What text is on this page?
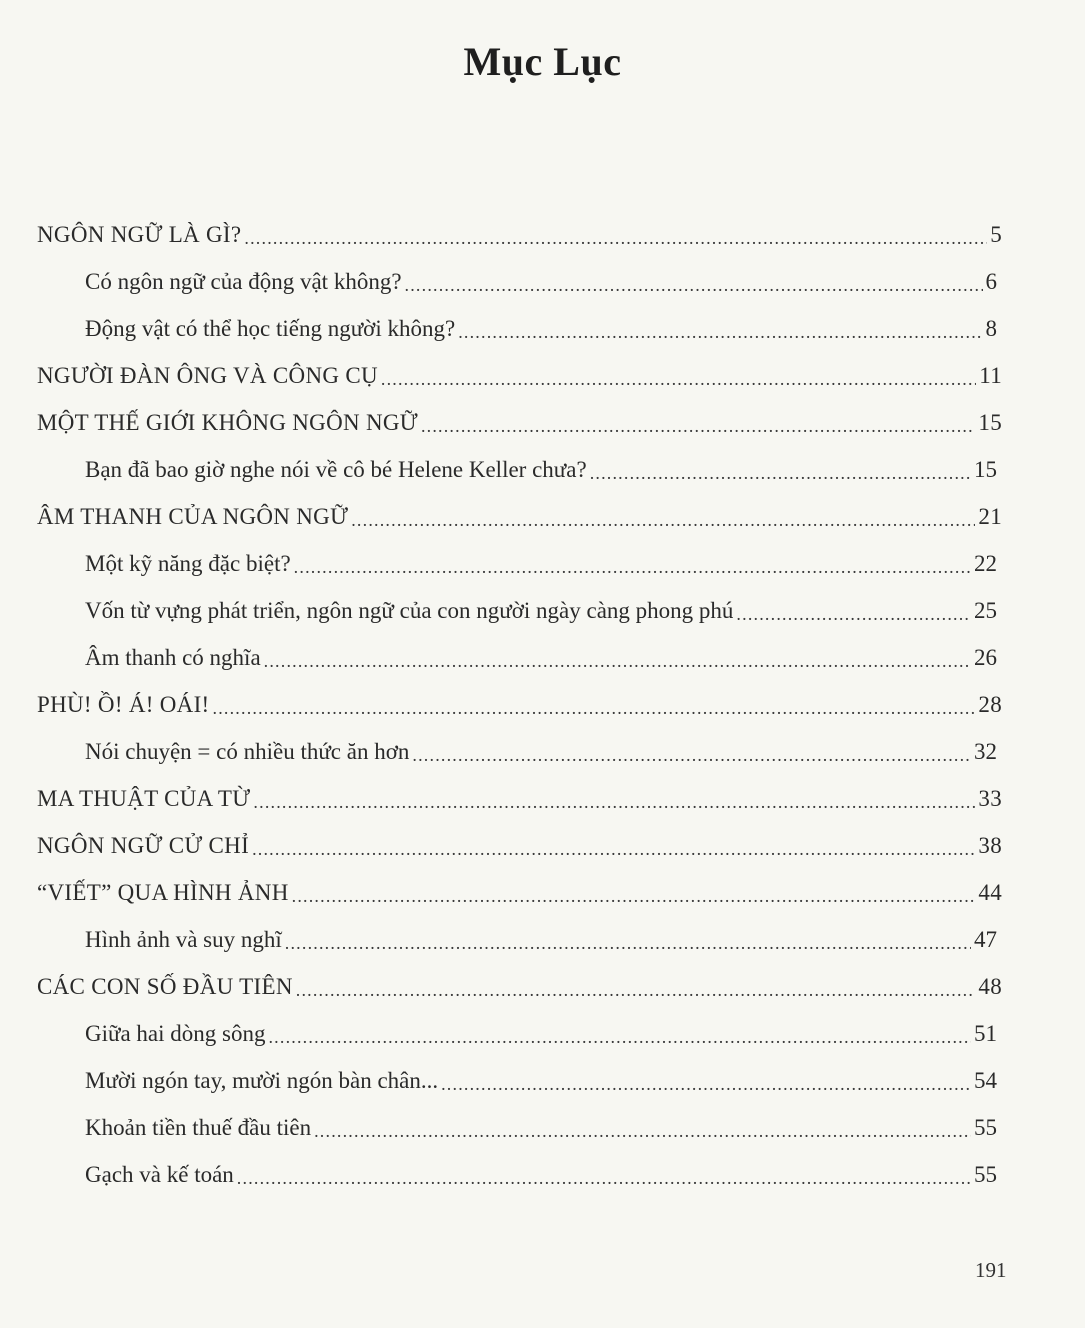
Mục Lục
NGÔN NGỮ LÀ GÌ? .....	5
Có ngôn ngữ của động vật không? .....	6
Động vật có thể học tiếng người không? .....	8
NGƯỜI ĐÀN ÔNG VÀ CÔNG CỤ .....	11
MỘT THẾ GIỚI KHÔNG NGÔN NGỮ .....	15
Bạn đã bao giờ nghe nói về cô bé Helene Keller chưa? .....	15
ÂM THANH CỦA NGÔN NGỮ .....	21
Một kỹ năng đặc biệt? .....	22
Vốn từ vựng phát triển, ngôn ngữ của con người ngày càng phong phú .....	25
Âm thanh có nghĩa .....	26
PHÙ! Ồ! Á! OÁI! .....	28
Nói chuyện = có nhiều thức ăn hơn .....	32
MA THUẬT CỦA TỪ .....	33
NGÔN NGỮ CỬ CHỈ .....	38
“VIẾT” QUA HÌNH ẢNH .....	44
Hình ảnh và suy nghĩ .....	47
CÁC CON SỐ ĐẦU TIÊN .....	48
Giữa hai dòng sông .....	51
Mười ngón tay, mười ngón bàn chân... .....	54
Khoản tiền thuế đầu tiên .....	55
Gạch và kế toán .....	55
191
